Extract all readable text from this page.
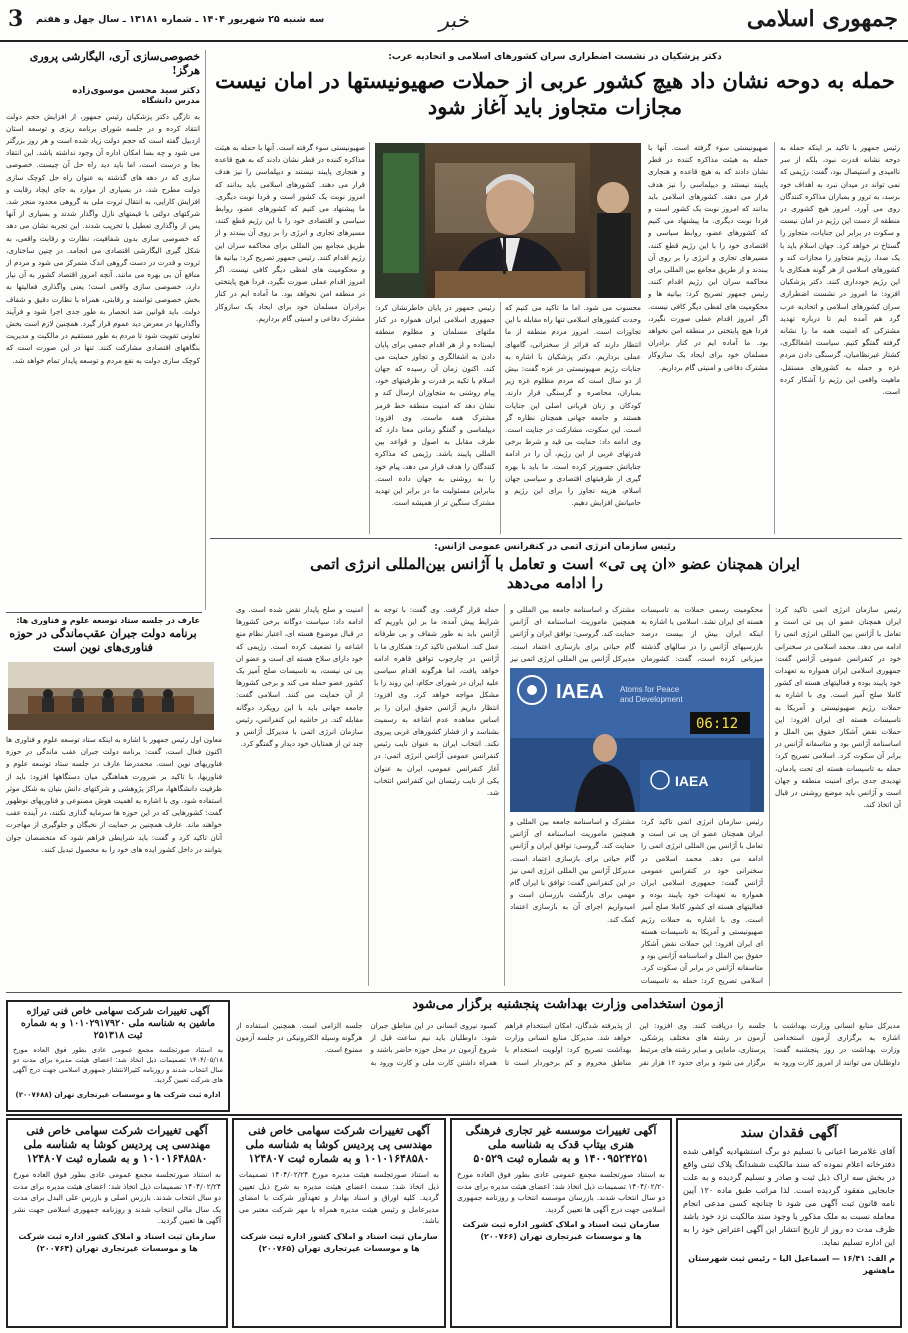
جمهوری اسلامی
خبر
سه شنبه ۲۵ شهریور ۱۴۰۴ ـ شماره ۱۳۱۸۱ ـ سال چهل و هفتم
3
دکتر پزشکیان در نشست اضطراری سران کشورهای اسلامی و اتحادیه عرب:
حمله به دوحه نشان داد هیچ کشور عربی از حملات صهیونیستها در امان نیست
مجازات متجاوز باید آغاز شود
رئیس جمهور با تاکید بر اینکه حمله به دوحه نشانه قدرت نبود، بلکه از سر ناامیدی و استیصال بود، گفت: رژیمی که نمی تواند در میدان نبرد به اهداف خود برسد، به ترور و بمباران مذاکره کنندگان روی می آورد. امروز هیچ کشوری در منطقه از دست این رژیم در امان نیست و سکوت در برابر این جنایات، متجاوز را گستاخ تر خواهد کرد. جهان اسلام باید با یک صدا، رژیم متجاوز را مجازات کند و کشورهای اسلامی از هر گونه همکاری با این رژیم خودداری کنند. دکتر پزشکیان افزود: ما امروز در نشست اضطراری سران کشورهای اسلامی و اتحادیه عرب گرد هم آمده ایم تا درباره تهدید مشترکی که امنیت همه ما را نشانه گرفته گفتگو کنیم. سیاست اشغالگری، کشتار غیرنظامیان، گرسنگی دادن مردم غزه و حمله به کشورهای مستقل، ماهیت واقعی این رژیم را آشکار کرده است.
صهیونیستی سوء گرفته است. آنها با حمله به هیئت مذاکره کننده در قطر نشان دادند که به هیچ قاعده و هنجاری پایبند نیستند و دیپلماسی را نیز هدف قرار می دهند. کشورهای اسلامی باید بدانند که امروز نوبت یک کشور است و فردا نوبت دیگری. ما پیشنهاد می کنیم که کشورهای عضو، روابط سیاسی و اقتصادی خود را با این رژیم قطع کنند، مسیرهای تجاری و انرژی را بر روی آن ببندند و از طریق مجامع بین المللی برای محاکمه سران این رژیم اقدام کنند. رئیس جمهور تصریح کرد: بیانیه ها و محکومیت های لفظی دیگر کافی نیست. اگر امروز اقدام عملی صورت نگیرد، فردا هیچ پایتختی در منطقه امن نخواهد بود. ما آماده ایم در کنار برادران مسلمان خود برای ایجاد یک سازوکار مشترک دفاعی و امنیتی گام برداریم.
محسوب می شود. اما ما تاکید می کنیم که وحدت کشورهای اسلامی تنها راه مقابله با این تجاوزات است. امروز مردم منطقه از ما انتظار دارند که فراتر از سخنرانی، گامهای عملی برداریم. دکتر پزشکیان با اشاره به جنایات رژیم صهیونیستی در غزه گفت: بیش از دو سال است که مردم مظلوم غزه زیر بمباران، محاصره و گرسنگی قرار دارند. کودکان و زنان قربانی اصلی این جنایات هستند و جامعه جهانی همچنان نظاره گر است. این سکوت، مشارکت در جنایت است. وی ادامه داد: حمایت بی قید و شرط برخی قدرتهای غربی از این رژیم، آن را در ادامه جنایاتش جسورتر کرده است. ما باید با بهره گیری از ظرفیتهای اقتصادی و سیاسی جهان اسلام، هزینه تجاوز را برای این رژیم و حامیانش افزایش دهیم.
رئیس جمهور در پایان خاطرنشان کرد: جمهوری اسلامی ایران همواره در کنار ملتهای مسلمان و مظلوم منطقه ایستاده و از هر اقدام جمعی برای پایان دادن به اشغالگری و تجاوز حمایت می کند. اکنون زمان آن رسیده که جهان اسلام با تکیه بر قدرت و ظرفیتهای خود، پیام روشنی به متجاوزان ارسال کند و نشان دهد که امنیت منطقه خط قرمز مشترک همه ماست. وی افزود: دیپلماسی و گفتگو زمانی معنا دارد که طرف مقابل به اصول و قواعد بین المللی پایبند باشد. رژیمی که مذاکره کنندگان را هدف قرار می دهد، پیام خود را به روشنی به جهان داده است. بنابراین مسئولیت ما در برابر این تهدید مشترک سنگین تر از همیشه است.
صهیونیستی سوء گرفته است. آنها با حمله به هیئت مذاکره کننده در قطر نشان دادند که به هیچ قاعده و هنجاری پایبند نیستند و دیپلماسی را نیز هدف قرار می دهند. کشورهای اسلامی باید بدانند که امروز نوبت یک کشور است و فردا نوبت دیگری. ما پیشنهاد می کنیم که کشورهای عضو، روابط سیاسی و اقتصادی خود را با این رژیم قطع کنند، مسیرهای تجاری و انرژی را بر روی آن ببندند و از طریق مجامع بین المللی برای محاکمه سران این رژیم اقدام کنند. رئیس جمهور تصریح کرد: بیانیه ها و محکومیت های لفظی دیگر کافی نیست. اگر امروز اقدام عملی صورت نگیرد، فردا هیچ پایتختی در منطقه امن نخواهد بود. ما آماده ایم در کنار برادران مسلمان خود برای ایجاد یک سازوکار مشترک دفاعی و امنیتی گام برداریم.
خصوصی‌سازی آری، الیگارشی پروری هرگز!
دکتر سید محسن موسوی‌زاده
مدرس دانشگاه
به تازگی دکتر پزشکیان رئیس جمهور، از افزایش حجم دولت انتقاد کرده و در جلسه شورای برنامه ریزی و توسعه استان اردبیل گفته است که حجم دولت زیاد شده است و هر روز بزرگتر می شود و چه بسا امکان اداره آن وجود نداشته باشد. این انتقاد بجا و درست است، اما باید دید راه حل آن چیست. خصوصی سازی که در دهه های گذشته به عنوان راه حل کوچک سازی دولت مطرح شد، در بسیاری از موارد به جای ایجاد رقابت و افزایش کارایی، به انتقال ثروت ملی به گروهی محدود منجر شد. شرکتهای دولتی با قیمتهای نازل واگذار شدند و بسیاری از آنها پس از واگذاری تعطیل یا تخریب شدند. این تجربه نشان می دهد که خصوصی سازی بدون شفافیت، نظارت و رقابت واقعی، به شکل گیری الیگارشی اقتصادی می انجامد. در چنین ساختاری، ثروت و قدرت در دست گروهی اندک متمرکز می شود و مردم از منافع آن بی بهره می مانند. آنچه امروز اقتصاد کشور به آن نیاز دارد، خصوصی سازی واقعی است؛ یعنی واگذاری فعالیتها به بخش خصوصی توانمند و رقابتی، همراه با نظارت دقیق و شفاف دولت. باید قوانین ضد انحصار به طور جدی اجرا شود و فرآیند واگذاریها در معرض دید عموم قرار گیرد. همچنین لازم است بخش تعاونی تقویت شود تا مردم به طور مستقیم در مالکیت و مدیریت بنگاههای اقتصادی مشارکت کنند. تنها در این صورت است که کوچک سازی دولت به نفع مردم و توسعه پایدار تمام خواهد شد.
رئیس سازمان انرژی اتمی در کنفرانس عمومی آژانس:
ایران همچنان عضو «ان پی تی» است و تعامل با آژانس بین‌المللی انرژی اتمی
را ادامه می‌دهد
رئیس سازمان انرژی اتمی تاکید کرد: ایران همچنان عضو ان پی تی است و تعامل با آژانس بین المللی انرژی اتمی را ادامه می دهد. محمد اسلامی در سخنرانی خود در کنفرانس عمومی آژانس گفت: جمهوری اسلامی ایران همواره به تعهدات خود پایبند بوده و فعالیتهای هسته ای کشور کاملا صلح آمیز است. وی با اشاره به حملات رژیم صهیونیستی و آمریکا به تاسیسات هسته ای ایران افزود: این حملات نقض آشکار حقوق بین الملل و اساسنامه آژانس بود و متاسفانه آژانس در برابر آن سکوت کرد. اسلامی تصریح کرد: حمله به تاسیسات هسته ای تحت پادمان، تهدیدی جدی برای امنیت منطقه و جهان است و آژانس باید موضع روشنی در قبال آن اتخاذ کند.
محکومیت رسمی حملات به تاسیسات هسته ای ایران نشد. اسلامی با اشاره به اینکه ایران بیش از بیست درصد بازرسیهای آژانس را در سالهای گذشته میزبانی کرده است، گفت: کشورمان
مشترک و اساسنامه جامعه بین المللی و همچنین ماموریت اساسنامه ای آژانس حمایت کند. گروسی: توافق ایران و آژانس گام حیاتی برای بازسازی اعتماد است. مدیرکل آژانس بین المللی انرژی اتمی نیز
IAEA Atoms for Peace
and Development
06:12
IAEA
رئیس سازمان انرژی اتمی تاکید کرد: ایران همچنان عضو ان پی تی است و تعامل با آژانس بین المللی انرژی اتمی را ادامه می دهد. محمد اسلامی در سخنرانی خود در کنفرانس عمومی آژانس گفت: جمهوری اسلامی ایران همواره به تعهدات خود پایبند بوده و فعالیتهای هسته ای کشور کاملا صلح آمیز است. وی با اشاره به حملات رژیم صهیونیستی و آمریکا به تاسیسات هسته ای ایران افزود: این حملات نقض آشکار حقوق بین الملل و اساسنامه آژانس بود و متاسفانه آژانس در برابر آن سکوت کرد. اسلامی تصریح کرد: حمله به تاسیسات
مشترک و اساسنامه جامعه بین المللی و همچنین ماموریت اساسنامه ای آژانس حمایت کند. گروسی: توافق ایران و آژانس گام حیاتی برای بازسازی اعتماد است. مدیرکل آژانس بین المللی انرژی اتمی نیز در این کنفرانس گفت: توافق با ایران گام مهمی برای بازگشت بازرسان است و امیدواریم اجرای آن به بازسازی اعتماد کمک کند.
حمله قرار گرفت. وی گفت: با توجه به شرایط پیش آمده، ما بر این باوریم که آژانس باید به طور شفاف و بی طرفانه عمل کند. اسلامی تاکید کرد: همکاری ما با آژانس در چارچوب توافق قاهره ادامه خواهد یافت، اما هرگونه اقدام سیاسی علیه ایران در شورای حکام، این روند را با مشکل مواجه خواهد کرد. وی افزود: انتظار داریم آژانس حقوق ایران را بر اساس معاهده عدم اشاعه به رسمیت بشناسد و از فشار کشورهای غربی پیروی نکند. انتخاب ایران به عنوان نایب رئیس کنفرانس عمومی آژانس انرژی اتمی: در آغاز کنفرانس عمومی، ایران به عنوان یکی از نایب رئیسان این کنفرانس انتخاب شد.
امنیت و صلح پایدار نقض شده است. وی ادامه داد: سیاست دوگانه برخی کشورها در قبال موضوع هسته ای، اعتبار نظام منع اشاعه را تضعیف کرده است. رژیمی که خود دارای سلاح هسته ای است و عضو ان پی تی نیست، به تاسیسات صلح آمیز یک کشور عضو حمله می کند و برخی کشورها از آن حمایت می کنند. اسلامی گفت: جامعه جهانی باید با این رویکرد دوگانه مقابله کند. در حاشیه این کنفرانس، رئیس سازمان انرژی اتمی با مدیرکل آژانس و چند تن از همتایان خود دیدار و گفتگو کرد.
عارف در جلسه ستاد توسعه علوم و فناوری ها:
برنامه دولت جبران عقب‌ماندگی در حوزه فناوری‌های نوین است
معاون اول رئیس جمهور با اشاره به اینکه ستاد توسعه علوم و فناوری ها اکنون فعال است، گفت: برنامه دولت جبران عقب ماندگی در حوزه فناوریهای نوین است. محمدرضا عارف در جلسه ستاد توسعه علوم و فناوریها، با تاکید بر ضرورت هماهنگی میان دستگاهها افزود: باید از ظرفیت دانشگاهها، مراکز پژوهشی و شرکتهای دانش بنیان به شکل موثر استفاده شود. وی با اشاره به اهمیت هوش مصنوعی و فناوریهای نوظهور گفت: کشورهایی که در این حوزه ها سرمایه گذاری نکنند، در آینده عقب خواهند ماند. عارف همچنین بر حمایت از نخبگان و جلوگیری از مهاجرت آنان تاکید کرد و گفت: باید شرایطی فراهم شود که متخصصان جوان بتوانند در داخل کشور ایده های خود را به محصول تبدیل کنند.
آزمون استخدامی وزارت بهداشت پنجشنبه برگزار می‌شود
مدیرکل منابع انسانی وزارت بهداشت با اشاره به برگزاری آزمون استخدامی وزارت بهداشت در روز پنجشنبه گفت: داوطلبان می توانند از امروز کارت ورود به جلسه را دریافت کنند. وی افزود: این آزمون در رشته های مختلف پزشکی، پرستاری، مامایی و سایر رشته های مرتبط برگزار می شود و برای حدود ۱۲ هزار نفر از پذیرفته شدگان، امکان استخدام فراهم خواهد شد. مدیرکل منابع انسانی وزارت بهداشت تصریح کرد: اولویت استخدام با مناطق محروم و کم برخوردار است تا کمبود نیروی انسانی در این مناطق جبران شود. داوطلبان باید نیم ساعت قبل از شروع آزمون در محل حوزه حاضر باشند و همراه داشتن کارت ملی و کارت ورود به جلسه الزامی است. همچنین استفاده از هرگونه وسیله الکترونیکی در جلسه آزمون ممنوع است.
آگهی تغییرات شرکت سهامی خاص فنی تیراژه ماشین به شناسه ملی ۱۰۱۰۲۹۱۷۹۲۰ و به شماره ثبت ۲۵۱۳۱۸
به استناد صورتجلسه مجمع عمومی عادی بطور فوق العاده مورخ ۱۴۰۴/۰۵/۱۸ تصمیمات ذیل اتخاذ شد: اعضای هیئت مدیره برای مدت دو سال انتخاب شدند و روزنامه کثیرالانتشار جمهوری اسلامی جهت درج آگهی های شرکت تعیین گردید.
اداره ثبت شرکت ها و موسسات غیرتجاری تهران (۲۰۰۷۶۸۸)
آگهی تغییرات شرکت سهامی خاص فنی مهندسی پی پردیس کوشا به شناسه ملی ۱۰۱۰۱۶۴۸۵۸۰ و به شماره ثبت ۱۲۴۸۰۷
به استناد صورتجلسه مجمع عمومی عادی بطور فوق العاده مورخ ۱۴۰۴/۰۲/۲۴ تصمیمات ذیل اتخاذ شد: اعضای هیئت مدیره برای مدت دو سال انتخاب شدند. بازرس اصلی و بازرس علی البدل برای مدت یک سال مالی انتخاب شدند و روزنامه جمهوری اسلامی جهت نشر آگهی ها تعیین گردید.
سازمان ثبت اسناد و املاک کشور اداره ثبت شرکت ها و موسسات غیرتجاری تهران (۲۰۰۷۶۴)
آگهی تغییرات شرکت سهامی خاص فنی مهندسی پی پردیس کوشا به شناسه ملی ۱۰۱۰۱۶۴۸۵۸۰ و به شماره ثبت ۱۲۴۸۰۷
به استناد صورتجلسه هیئت مدیره مورخ ۱۴۰۴/۰۲/۲۴ تصمیمات ذیل اتخاذ شد: سمت اعضای هیئت مدیره به شرح ذیل تعیین گردید. کلیه اوراق و اسناد بهادار و تعهدآور شرکت با امضای مدیرعامل و رئیس هیئت مدیره همراه با مهر شرکت معتبر می باشد.
سازمان ثبت اسناد و املاک کشور اداره ثبت شرکت ها و موسسات غیرتجاری تهران (۲۰۰۷۶۵)
آگهی تغییرات موسسه غیر تجاری فرهنگی هنری بیتاب قدک به شناسه ملی ۱۴۰۰۹۵۲۴۲۵۱ و به شماره ثبت ۵۰۵۲۹
به استناد صورتجلسه مجمع عمومی عادی بطور فوق العاده مورخ ۱۴۰۴/۰۲/۲۰ تصمیمات ذیل اتخاذ شد: اعضای هیئت مدیره برای مدت دو سال انتخاب شدند. بازرسان موسسه انتخاب و روزنامه جمهوری اسلامی جهت درج آگهی ها تعیین گردید.
سازمان ثبت اسناد و املاک کشور اداره ثبت شرکت ها و موسسات غیرتجاری تهران (۲۰۰۷۶۶)
آگهی فقدان سند
آقای غلامرضا اعیانی با تسلیم دو برگ استشهادیه گواهی شده دفترخانه اعلام نموده که سند مالکیت ششدانگ پلاک ثبتی واقع در بخش سه اراک ذیل ثبت و صادر و تسلیم گردیده و به علت جابجایی مفقود گردیده است. لذا مراتب طبق ماده ۱۲۰ آیین نامه قانون ثبت آگهی می شود تا چنانچه کسی مدعی انجام معامله نسبت به ملک مذکور یا وجود سند مالکیت نزد خود باشد ظرف مدت ده روز از تاریخ انتشار این آگهی اعتراض خود را به این اداره تسلیم نماید.
م الف: ۱۶/۴۱ — اسماعیل الیا – رئیس ثبت شهرستان ماهشهر
